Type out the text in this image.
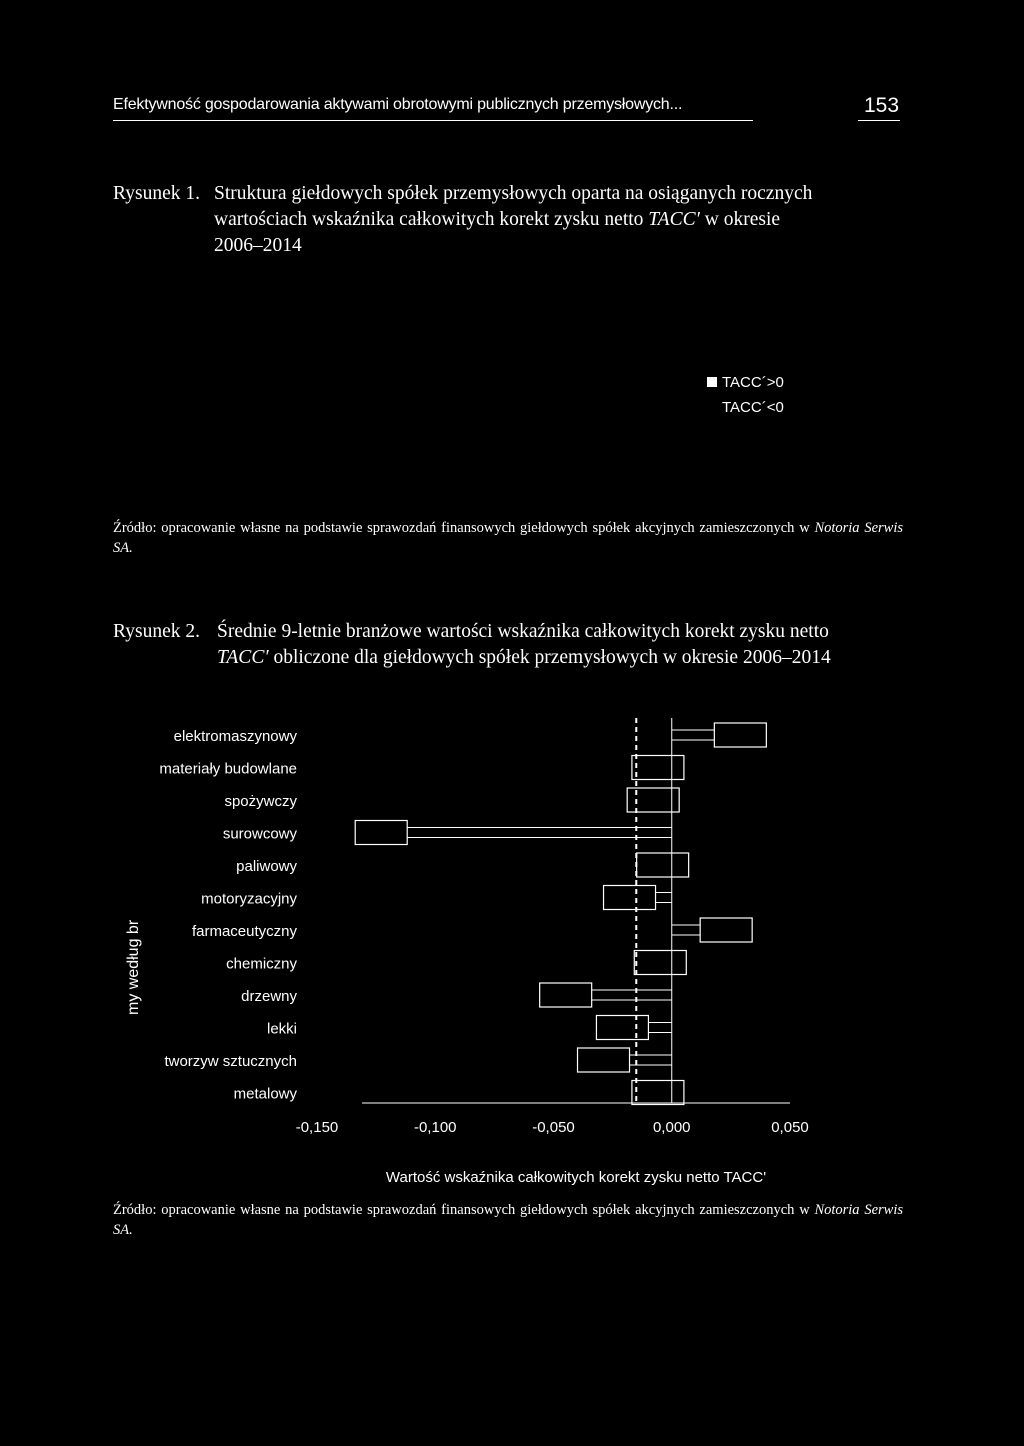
Efektywność gospodarowania aktywami obrotowymi publicznych przemysłowych...	153
Rysunek 1. Struktura giełdowych spółek przemysłowych oparta na osiąganych rocznych wartościach wskaźnika całkowitych korekt zysku netto TACC′ w okresie 2006–2014
TACC´>0
TACC´<0
Źródło: opracowanie własne na podstawie sprawozdań finansowych giełdowych spółek akcyjnych zamieszczonych w Notoria Serwis SA.
Rysunek 2. Średnie 9-letnie branżowe wartości wskaźnika całkowitych korekt zysku netto TACC′ obliczone dla giełdowych spółek przemysłowych w okresie 2006–2014
elektromaszynowy
materiały budowlane
spożywczy
surowcowy
paliwowy
motoryzacyjny
farmaceutyczny
chemiczny
drzewny
lekki
tworzyw sztucznych
metalowy
-0,150	-0,100	-0,050	0,000	0,050
Wartość wskaźnika całkowitych korekt zysku netto TACC'
my według br
Źródło: opracowanie własne na podstawie sprawozdań finansowych giełdowych spółek akcyjnych zamieszczonych w Notoria Serwis SA.
